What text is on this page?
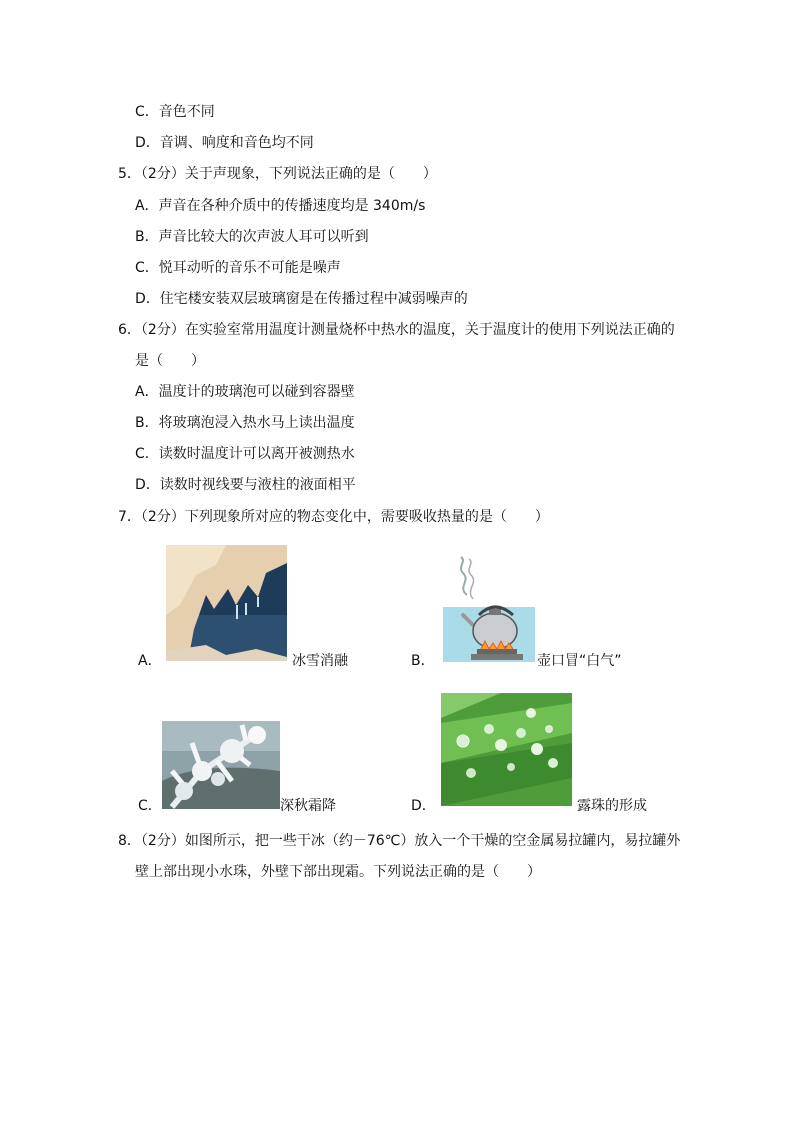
C．音色不同
D．音调、响度和音色均不同
5．（2分）关于声现象，下列说法正确的是（　　）
A．声音在各种介质中的传播速度均是 340m/s
B．声音比较大的次声波人耳可以听到
C．悦耳动听的音乐不可能是噪声
D．住宅楼安装双层玻璃窗是在传播过程中减弱噪声的
6．（2分）在实验室常用温度计测量烧杯中热水的温度，关于温度计的使用下列说法正确的
是（　　）
A．温度计的玻璃泡可以碰到容器壁
B．将玻璃泡浸入热水马上读出温度
C．读数时温度计可以离开被测热水
D．读数时视线要与液柱的液面相平
7．（2分）下列现象所对应的物态变化中，需要吸收热量的是（　　）
A．	冰雪消融	B．	壶口冒“白气”
C．	深秋霜降	D．	露珠的形成
8．（2分）如图所示，把一些干冰（约－76℃）放入一个干燥的空金属易拉罐内，易拉罐外
壁上部出现小水珠，外壁下部出现霜。下列说法正确的是（　　）
